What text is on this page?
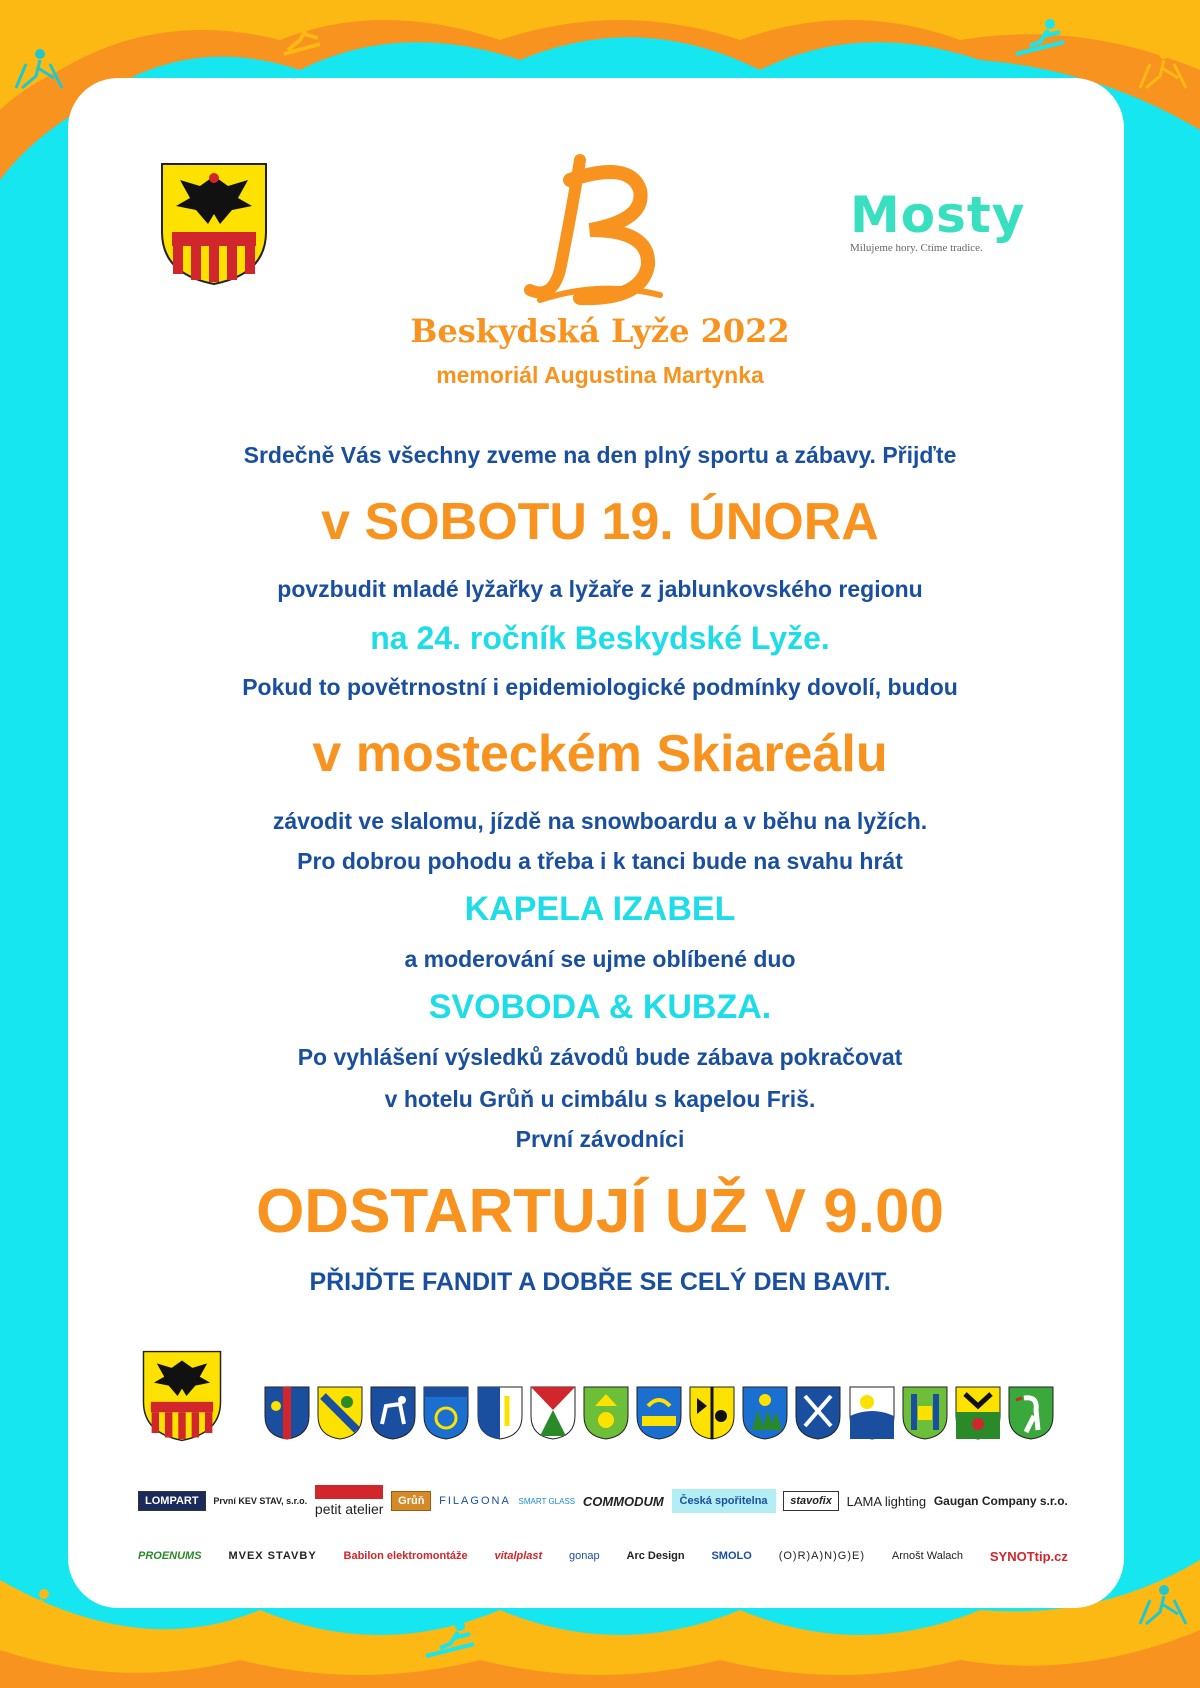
Mosty
Milujeme hory. Ctíme tradice.
Beskydská Lyže 2022
memoriál Augustina Martynka
Srdečně Vás všechny zveme na den plný sportu a zábavy. Přijďte
v SOBOTU 19. ÚNORA
povzbudit mladé lyžařky a lyžaře z jablunkovského regionu
na 24. ročník Beskydské Lyže.
Pokud to povětrnostní i epidemiologické podmínky dovolí, budou
v mosteckém Skiareálu
závodit ve slalomu, jízdě na snowboardu a v běhu na lyžích.
Pro dobrou pohodu a třeba i k tanci bude na svahu hrát
KAPELA IZABEL
a moderování se ujme oblíbené duo
SVOBODA & KUBZA.
Po vyhlášení výsledků závodů bude zábava pokračovat
v hotelu Grůň u cimbálu s kapelou Friš.
První závodníci
ODSTARTUJÍ UŽ V 9.00
PŘIJĎTE FANDIT A DOBŘE SE CELÝ DEN BAVIT.
LOMPART	První KEV STAV, s.r.o. petit atelier	Grůň	FILAGONA SMART GLASS COMMODUM	Česká spořitelna	stavofix	LAMA lighting Gaugan Company s.r.o.
PROENUMS MVEX STAVBY Babilon elektromontáže vitalplast gonap Arc Design SMOLO (O)R)A)N)G)E) Arnošt Walach SYNOTtip.cz
